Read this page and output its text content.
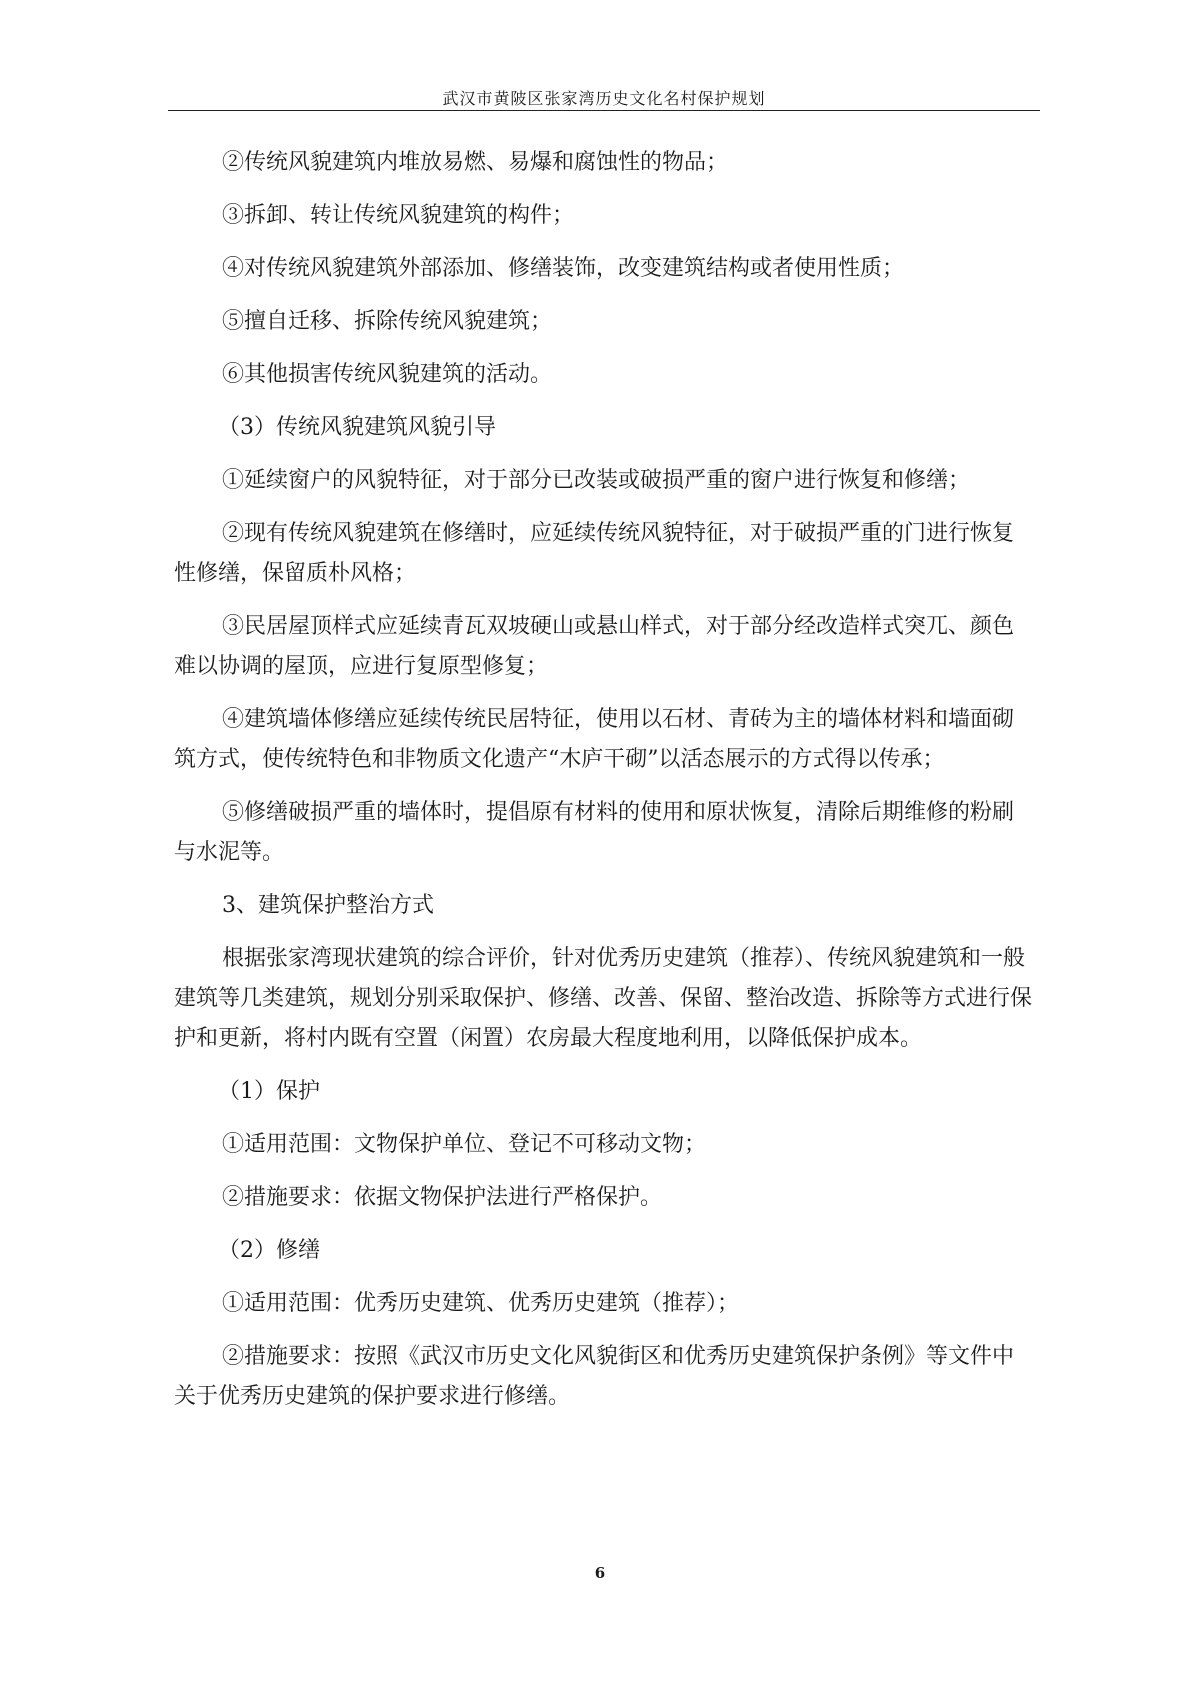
武汉市黄陂区张家湾历史文化名村保护规划

②传统风貌建筑内堆放易燃、易爆和腐蚀性的物品；

③拆卸、转让传统风貌建筑的构件；

④对传统风貌建筑外部添加、修缮装饰，改变建筑结构或者使用性质；

⑤擅自迁移、拆除传统风貌建筑；

⑥其他损害传统风貌建筑的活动。

（3）传统风貌建筑风貌引导

①延续窗户的风貌特征，对于部分已改装或破损严重的窗户进行恢复和修缮；

②现有传统风貌建筑在修缮时，应延续传统风貌特征，对于破损严重的门进行恢复性修缮，保留质朴风格；

③民居屋顶样式应延续青瓦双坡硬山或悬山样式，对于部分经改造样式突兀、颜色难以协调的屋顶，应进行复原型修复；

④建筑墙体修缮应延续传统民居特征，使用以石材、青砖为主的墙体材料和墙面砌筑方式，使传统特色和非物质文化遗产“木庐干砌”以活态展示的方式得以传承；

⑤修缮破损严重的墙体时，提倡原有材料的使用和原状恢复，清除后期维修的粉刷与水泥等。

3、建筑保护整治方式

根据张家湾现状建筑的综合评价，针对优秀历史建筑（推荐）、传统风貌建筑和一般建筑等几类建筑，规划分别采取保护、修缮、改善、保留、整治改造、拆除等方式进行保护和更新，将村内既有空置（闲置）农房最大程度地利用，以降低保护成本。

（1）保护

①适用范围：文物保护单位、登记不可移动文物；

②措施要求：依据文物保护法进行严格保护。

（2）修缮

①适用范围：优秀历史建筑、优秀历史建筑（推荐）；

②措施要求：按照《武汉市历史文化风貌街区和优秀历史建筑保护条例》等文件中关于优秀历史建筑的保护要求进行修缮。

6
